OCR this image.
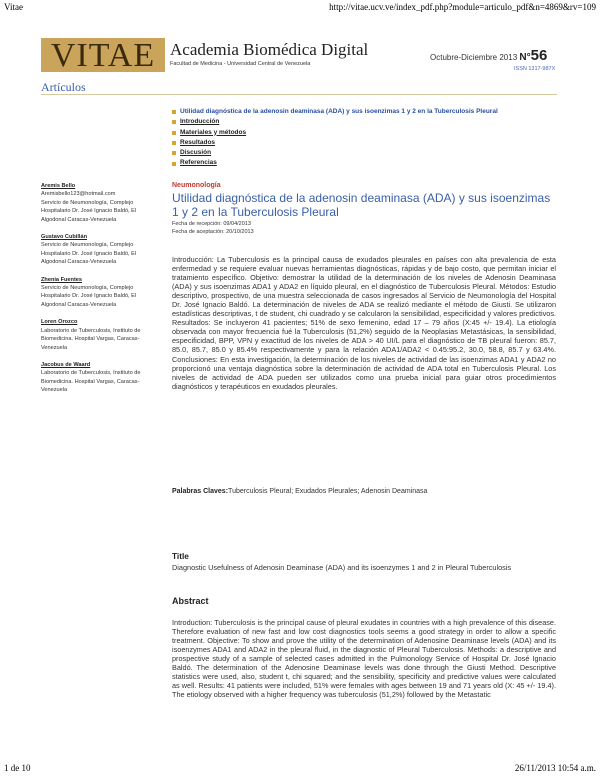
Vitae	http://vitae.ucv.ve/index_pdf.php?module=articulo_pdf&n=4869&rv=109
VITAE Academia Biomédica Digital
Facultad de Medicina - Universidad Central de Venezuela
Octubre-Diciembre 2013 N°56
ISSN 1317-987X
Artículos
Utilidad diagnóstica de la adenosin deaminasa (ADA) y sus isoenzimas 1 y 2 en la Tuberculosis Pleural
Introducción
Materiales y métodos
Resultados
Discusión
Referencias
Aremis Bello
Aremisbello123@hotmail.com
Servicio de Neumonología, Complejo
Hospitalario Dr. José Ignacio Baldó, El
Algodonal Caracas-Venezuela
Gustavo Cubillán
Servicio de Neumonología, Complejo
Hospitalario Dr. José Ignacio Baldó, El
Algodonal Caracas-Venezuela
Zhenia Fuentes
Servicio de Neumonología, Complejo
Hospitalario Dr. José Ignacio Baldó, El
Algodonal Caracas-Venezuela
Loren Orozco
Laboratorio de Tuberculosis, Instituto de
Biomedicina. Hospital Vargas, Caracas-
Venezuela
Jacobus de Waard
Laboratorio de Tuberculosis, Instituto de
Biomedicina. Hospital Vargas, Caracas-
Venezuela
Neumonología
Utilidad diagnóstica de la adenosin deaminasa (ADA) y sus isoenzimas 1 y 2 en la Tuberculosis Pleural
Fecha de recepción: 09/04/2013
Fecha de aceptación: 20/10/2013
Introducción: La Tuberculosis es la principal causa de exudados pleurales en países con alta prevalencia de esta enfermedad y se requiere evaluar nuevas herramientas diagnósticas, rápidas y de bajo costo, que permitan iniciar el tratamiento específico. Objetivo: demostrar la utilidad de la determinación de los niveles de Adenosin Deaminasa (ADA) y sus isoenzimas ADA1 y ADA2 en líquido pleural, en el diagnóstico de Tuberculosis Pleural. Métodos: Estudio descriptivo, prospectivo, de una muestra seleccionada de casos ingresados al Servicio de Neumonología del Hospital Dr. José Ignacio Baldó. La determinación de niveles de ADA se realizó mediante el método de Giusti. Se utilizaron estadísticas descriptivas, t de student, chi cuadrado y se calcularon la sensibilidad, especificidad y valores predictivos. Resultados: Se incluyeron 41 pacientes; 51% de sexo femenino, edad 17 – 79 años (X:45 +/- 19.4). La etiología observada con mayor frecuencia fué la Tuberculosis (51,2%) seguido de la Neoplasias Metastásicas, la sensibilidad, especificidad, BPP, VPN y exactitud de los niveles de ADA > 40 UI/L para el diagnóstico de TB pleural fueron: 85.7, 85.0, 85.7, 85.0 y 85.4% respectivamente y para la relación ADA1/ADA2 < 0.45:95.2, 30.0, 58.8, 85.7 y 63.4%. Conclusiones: En esta investigación, la determinación de los niveles de actividad de las isoenzimas ADA1 y ADA2 no proporcionó una ventaja diagnóstica sobre la determinación de actividad de ADA total en Tuberculosis Pleural. Los niveles de actividad de ADA pueden ser utilizados como una prueba inicial para guiar otros procedimientos diagnósticos y terapéuticos en exudados pleurales.
Palabras Claves:Tuberculosis Pleural; Exudados Pleurales; Adenosin Deaminasa
Title
Diagnostic Usefulness of Adenosin Deaminase (ADA) and its isoenzymes 1 and 2 in Pleural Tuberculosis
Abstract
Introduction: Tuberculosis is the principal cause of pleural exudates in countries with a high prevalence of this disease. Therefore evaluation of new fast and low cost diagnostics tools seems a good strategy in order to allow a specific treatment. Objective: To show and prove the utility of the determination of Adenosine Deaminase levels (ADA) and its isoenzymes ADA1 and ADA2 in the pleural fluid, in the diagnostic of Pleural Tuberculosis. Methods: a descriptive and prospective study of a sample of selected cases admitted in the Pulmonology Service of Hospital Dr. José Ignacio Baldó. The determination of the Adenosine Deaminase levels was done through the Giusti Method. Descriptive statistics were used, also, student t, chi squared; and the sensibility, specificity and predictive values were calculated as well. Results: 41 patients were included, 51% were females with ages between 19 and 71 years old (X: 45 +/- 19.4). The etiology observed with a higher frequency was tuberculosis (51,2%) followed by the Metastatic
1 de 10	26/11/2013 10:54 a.m.
